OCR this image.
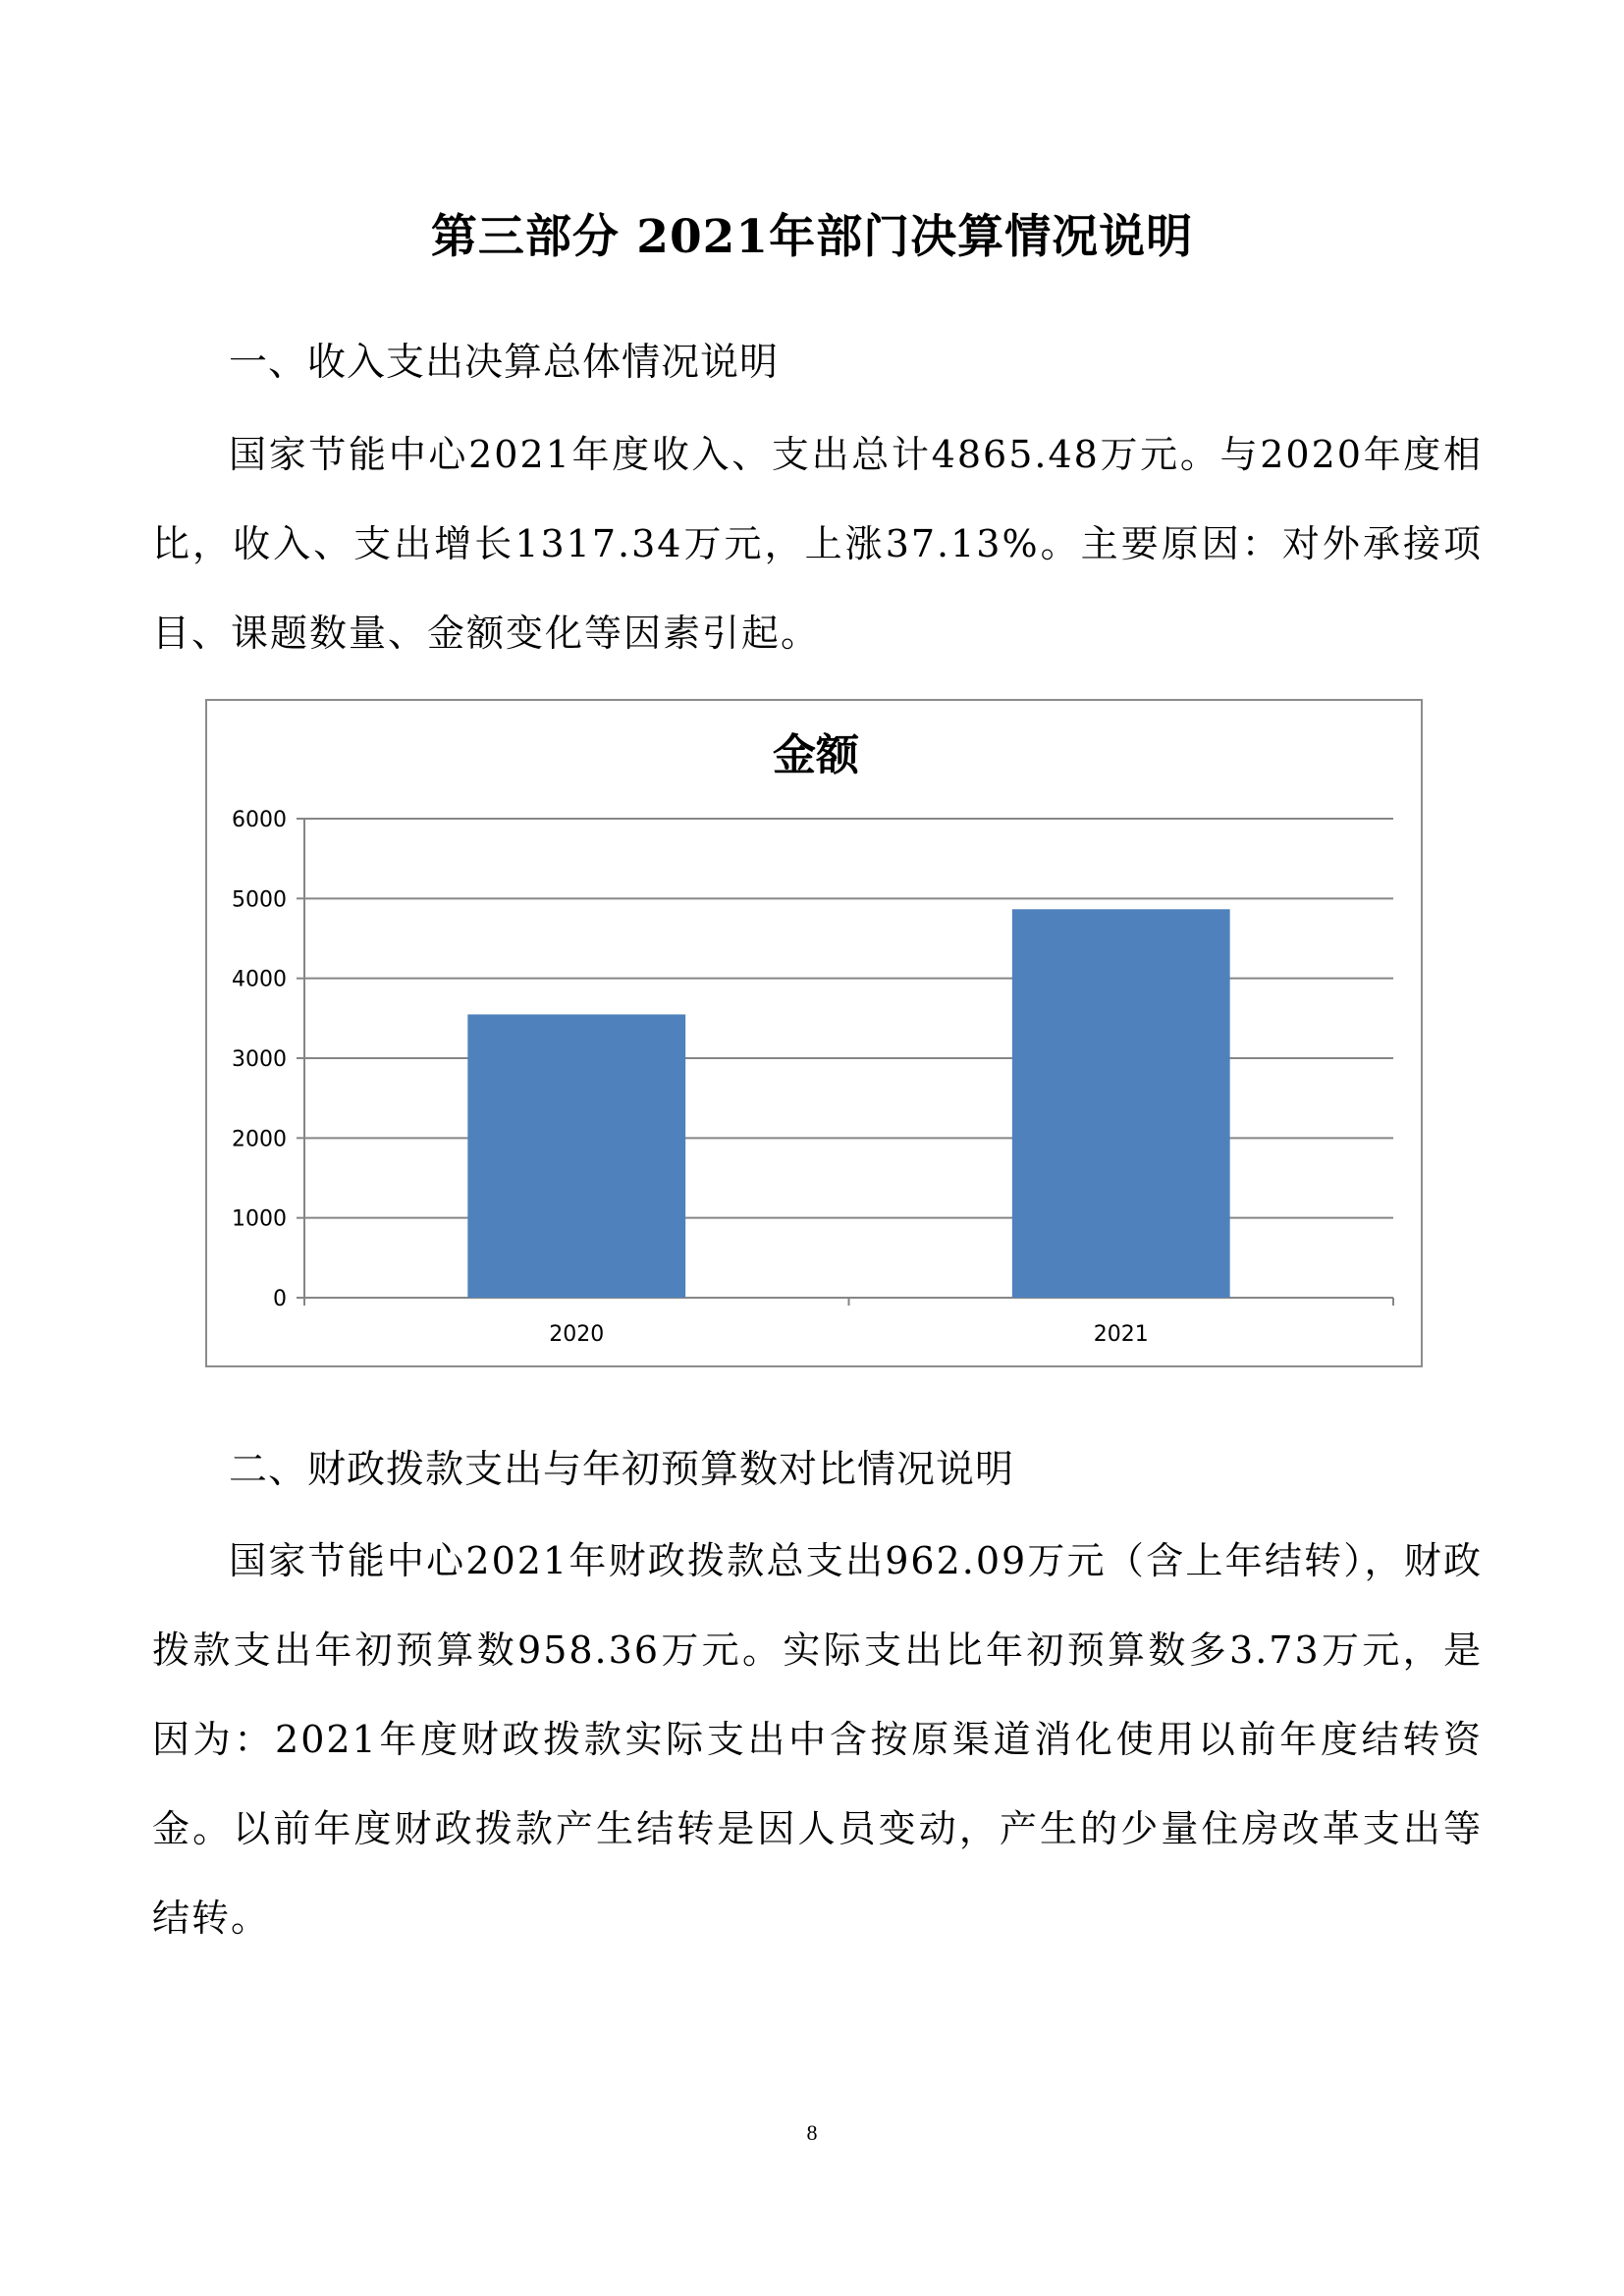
第三部分 2021年部门决算情况说明
一、收入支出决算总体情况说明

国家节能中心2021年度收入、支出总计4865.48万元。与2020年度相比，收入、支出增长1317.34万元，上涨37.13%。主要原因：对外承接项目、课题数量、金额变化等因素引起。

0
1000
2000
3000
4000
5000
6000
2020	2021
金额
二、财政拨款支出与年初预算数对比情况说明

国家节能中心2021年财政拨款总支出962.09万元（含上年结转），财政拨款支出年初预算数958.36万元。实际支出比年初预算数多3.73万元，是因为：2021年度财政拨款实际支出中含按原渠道消化使用以前年度结转资金。以前年度财政拨款产生结转是因人员变动，产生的少量住房改革支出等结转。

8
